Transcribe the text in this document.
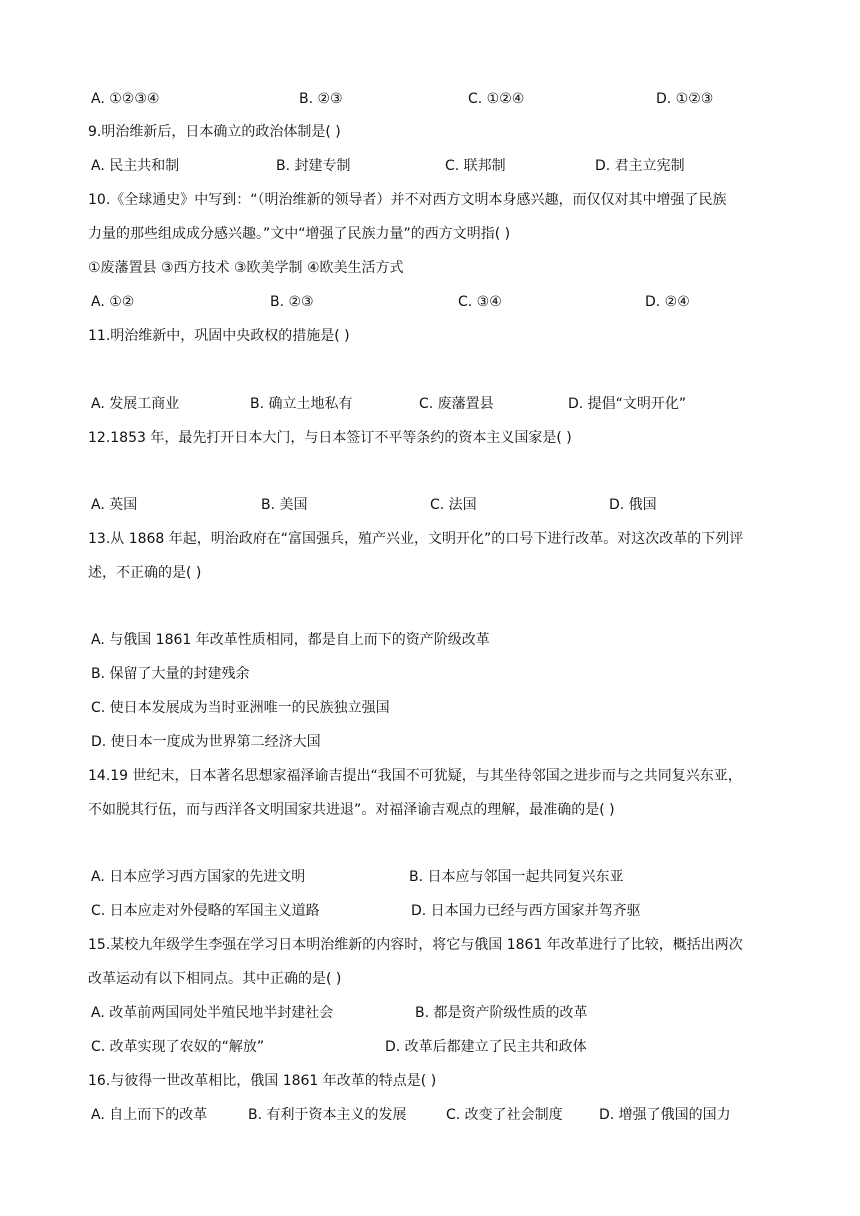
A. ①②③④	B. ②③	C. ①②④	D. ①②③
9.明治维新后，日本确立的政治体制是( )
A. 民主共和制	B. 封建专制	C. 联邦制	D. 君主立宪制
10.《全球通史》中写到：“（明治维新的领导者）并不对西方文明本身感兴趣，而仅仅对其中增强了民族
力量的那些组成成分感兴趣。”文中“增强了民族力量”的西方文明指( )
①废藩置县 ③西方技术 ③欧美学制 ④欧美生活方式
A. ①②	B. ②③	C. ③④	D. ②④
11.明治维新中，巩固中央政权的措施是( )
A. 发展工商业	B. 确立土地私有	C. 废藩置县	D. 提倡“文明开化”
12.1853 年，最先打开日本大门，与日本签订不平等条约的资本主义国家是( )
A. 英国	B. 美国	C. 法国	D. 俄国
13.从 1868 年起，明治政府在“富国强兵，殖产兴业，文明开化”的口号下进行改革。对这次改革的下列评
述，不正确的是( )
A. 与俄国 1861 年改革性质相同，都是自上而下的资产阶级改革
B. 保留了大量的封建残余
C. 使日本发展成为当时亚洲唯一的民族独立强国
D. 使日本一度成为世界第二经济大国
14.19 世纪末，日本著名思想家福泽谕吉提出“我国不可犹疑，与其坐待邻国之进步而与之共同复兴东亚，
不如脱其行伍，而与西洋各文明国家共进退”。对福泽谕吉观点的理解，最准确的是( )
A. 日本应学习西方国家的先进文明	B. 日本应与邻国一起共同复兴东亚
C. 日本应走对外侵略的军国主义道路	D. 日本国力已经与西方国家并驾齐驱
15.某校九年级学生李强在学习日本明治维新的内容时，将它与俄国 1861 年改革进行了比较，概括出两次
改革运动有以下相同点。其中正确的是( )
A. 改革前两国同处半殖民地半封建社会	B. 都是资产阶级性质的改革
C. 改革实现了农奴的“解放”	D. 改革后都建立了民主共和政体
16.与彼得一世改革相比，俄国 1861 年改革的特点是( )
A. 自上而下的改革	B. 有利于资本主义的发展	C. 改变了社会制度	D. 增强了俄国的国力
